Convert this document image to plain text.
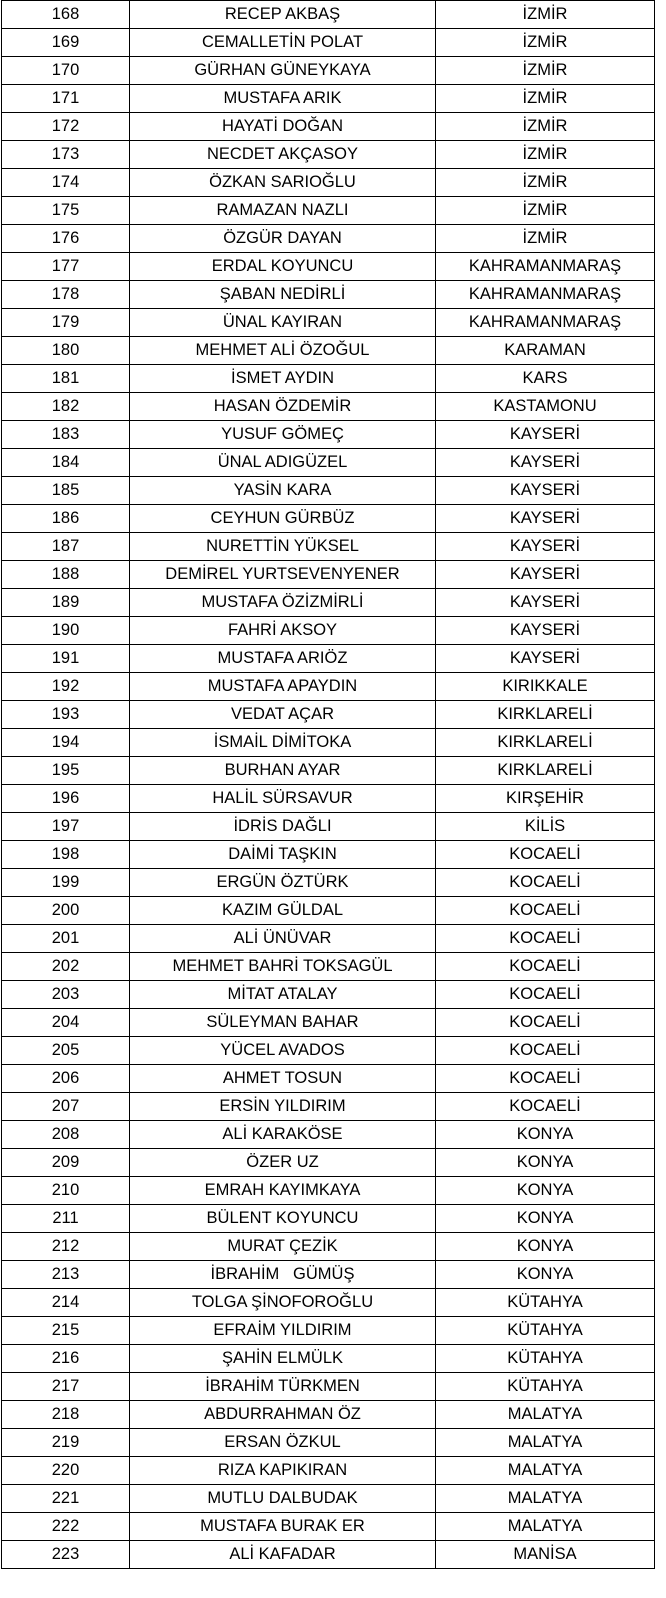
168	RECEP AKBAŞ	İZMİR
169	CEMALLETİN POLAT	İZMİR
170	GÜRHAN GÜNEYKAYA	İZMİR
171	MUSTAFA ARIK	İZMİR
172	HAYATİ DOĞAN	İZMİR
173	NECDET AKÇASOY	İZMİR
174	ÖZKAN SARIOĞLU	İZMİR
175	RAMAZAN NAZLI	İZMİR
176	ÖZGÜR DAYAN	İZMİR
177	ERDAL KOYUNCU	KAHRAMANMARAŞ
178	ŞABAN NEDİRLİ	KAHRAMANMARAŞ
179	ÜNAL KAYIRAN	KAHRAMANMARAŞ
180	MEHMET ALİ ÖZOĞUL	KARAMAN
181	İSMET AYDIN	KARS
182	HASAN ÖZDEMİR	KASTAMONU
183	YUSUF GÖMEÇ	KAYSERİ
184	ÜNAL ADIGÜZEL	KAYSERİ
185	YASİN KARA	KAYSERİ
186	CEYHUN GÜRBÜZ	KAYSERİ
187	NURETTİN YÜKSEL	KAYSERİ
188	DEMİREL YURTSEVENYENER	KAYSERİ
189	MUSTAFA ÖZİZMİRLİ	KAYSERİ
190	FAHRİ AKSOY	KAYSERİ
191	MUSTAFA ARIÖZ	KAYSERİ
192	MUSTAFA APAYDIN	KIRIKKALE
193	VEDAT AÇAR	KIRKLARELİ
194	İSMAİL DİMİTOKA	KIRKLARELİ
195	BURHAN AYAR	KIRKLARELİ
196	HALİL SÜRSAVUR	KIRŞEHİR
197	İDRİS DAĞLI	KİLİS
198	DAİMİ TAŞKIN	KOCAELİ
199	ERGÜN ÖZTÜRK	KOCAELİ
200	KAZIM GÜLDAL	KOCAELİ
201	ALİ ÜNÜVAR	KOCAELİ
202	MEHMET BAHRİ TOKSAGÜL	KOCAELİ
203	MİTAT ATALAY	KOCAELİ
204	SÜLEYMAN BAHAR	KOCAELİ
205	YÜCEL AVADOS	KOCAELİ
206	AHMET TOSUN	KOCAELİ
207	ERSİN YILDIRIM	KOCAELİ
208	ALİ KARAKÖSE	KONYA
209	ÖZER UZ	KONYA
210	EMRAH KAYIMKAYA	KONYA
211	BÜLENT KOYUNCU	KONYA
212	MURAT ÇEZİK	KONYA
213	İBRAHİM   GÜMÜŞ	KONYA
214	TOLGA ŞİNOFOROĞLU	KÜTAHYA
215	EFRAİM YILDIRIM	KÜTAHYA
216	ŞAHİN ELMÜLK	KÜTAHYA
217	İBRAHİM TÜRKMEN	KÜTAHYA
218	ABDURRAHMAN ÖZ	MALATYA
219	ERSAN ÖZKUL	MALATYA
220	RIZA KAPIKIRAN	MALATYA
221	MUTLU DALBUDAK	MALATYA
222	MUSTAFA BURAK ER	MALATYA
223	ALİ KAFADAR	MANİSA
